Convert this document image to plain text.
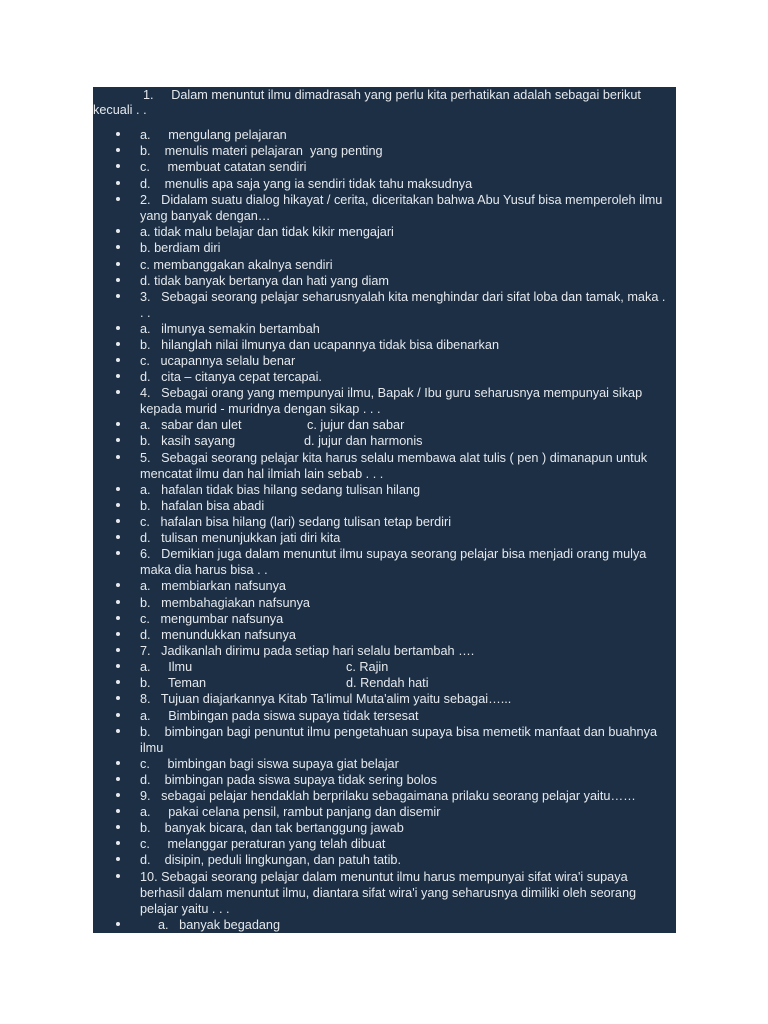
1.     Dalam menuntut ilmu dimadrasah yang perlu kita perhatikan adalah sebagai berikut

kecuali . .

a.     mengulang pelajaran

b.    menulis materi pelajaran  yang penting

c.     membuat catatan sendiri

d.    menulis apa saja yang ia sendiri tidak tahu maksudnya

2.   Didalam suatu dialog hikayat / cerita, diceritakan bahwa Abu Yusuf bisa memperoleh ilmu

yang banyak dengan…

a. tidak malu belajar dan tidak kikir mengajari

b. berdiam diri

c. membanggakan akalnya sendiri

d. tidak banyak bertanya dan hati yang diam

3.   Sebagai seorang pelajar seharusnyalah kita menghindar dari sifat loba dan tamak, maka .

. .

a.   ilmunya semakin bertambah

b.   hilanglah nilai ilmunya dan ucapannya tidak bisa dibenarkan

c.   ucapannya selalu benar

d.   cita – citanya cepat tercapai.

4.   Sebagai orang yang mempunyai ilmu, Bapak / Ibu guru seharusnya mempunyai sikap

kepada murid - muridnya dengan sikap . . .

a.   sabar dan ulet

	c. jujur dan sabar

b.   kasih sayang

	d. jujur dan harmonis

5.   Sebagai seorang pelajar kita harus selalu membawa alat tulis ( pen ) dimanapun untuk

mencatat ilmu dan hal ilmiah lain sebab . . .

a.   hafalan tidak bias hilang sedang tulisan hilang

b.   hafalan bisa abadi

c.   hafalan bisa hilang (lari) sedang tulisan tetap berdiri

d.   tulisan menunjukkan jati diri kita

6.   Demikian juga dalam menuntut ilmu supaya seorang pelajar bisa menjadi orang mulya

maka dia harus bisa . .

a.   membiarkan nafsunya

b.   membahagiakan nafsunya

c.   mengumbar nafsunya

d.   menundukkan nafsunya

7.   Jadikanlah dirimu pada setiap hari selalu bertambah ….

a.     Ilmu

	c. Rajin

b.     Teman

	d. Rendah hati

8.   Tujuan diajarkannya Kitab Ta'limul Muta'alim yaitu sebagai…...

a.     Bimbingan pada siswa supaya tidak tersesat

b.    bimbingan bagi penuntut ilmu pengetahuan supaya bisa memetik manfaat dan buahnya

ilmu

c.     bimbingan bagi siswa supaya giat belajar

d.    bimbingan pada siswa supaya tidak sering bolos

9.   sebagai pelajar hendaklah berprilaku sebagaimana prilaku seorang pelajar yaitu……

a.     pakai celana pensil, rambut panjang dan disemir

b.    banyak bicara, dan tak bertanggung jawab

c.     melanggar peraturan yang telah dibuat

d.    disipin, peduli lingkungan, dan patuh tatib.

10. Sebagai seorang pelajar dalam menuntut ilmu harus mempunyai sifat wira'i supaya

berhasil dalam menuntut ilmu, diantara sifat wira'i yang seharusnya dimiliki oleh seorang

pelajar yaitu . . .

a.   banyak begadang
